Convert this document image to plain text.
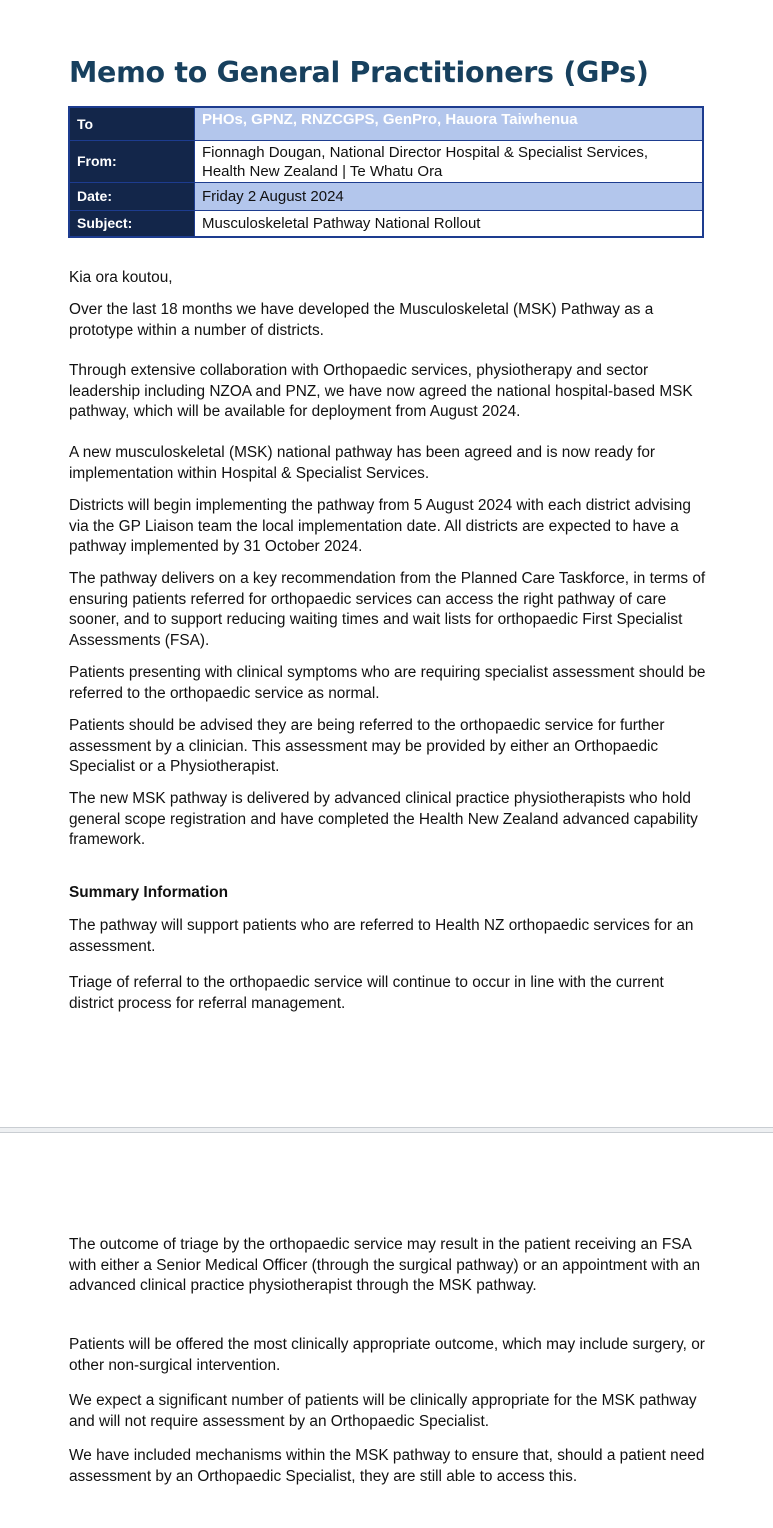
Memo to General Practitioners (GPs)
To	PHOs, GPNZ, RNZCGPS, GenPro, Hauora Taiwhenua
From:	Fionnagh Dougan, National Director Hospital & Specialist Services,
Health New Zealand | Te Whatu Ora

Date:	Friday 2 August 2024
Subject:	Musculoskeletal Pathway National Rollout

Kia ora koutou,

Over the last 18 months we have developed the Musculoskeletal (MSK) Pathway as a prototype within a number of districts.

Through extensive collaboration with Orthopaedic services, physiotherapy and sector leadership including NZOA and PNZ, we have now agreed the national hospital-based MSK pathway, which will be available for deployment from August 2024.

A new musculoskeletal (MSK) national pathway has been agreed and is now ready for implementation within Hospital & Specialist Services.

Districts will begin implementing the pathway from 5 August 2024 with each district advising via the GP Liaison team the local implementation date. All districts are expected to have a pathway implemented by 31 October 2024.

The pathway delivers on a key recommendation from the Planned Care Taskforce, in terms of ensuring patients referred for orthopaedic services can access the right pathway of care sooner, and to support reducing waiting times and wait lists for orthopaedic First Specialist Assessments (FSA).

Patients presenting with clinical symptoms who are requiring specialist assessment should be referred to the orthopaedic service as normal.

Patients should be advised they are being referred to the orthopaedic service for further assessment by a clinician. This assessment may be provided by either an Orthopaedic Specialist or a Physiotherapist.

The new MSK pathway is delivered by advanced clinical practice physiotherapists who hold general scope registration and have completed the Health New Zealand advanced capability framework.

Summary Information

The pathway will support patients who are referred to Health NZ orthopaedic services for an assessment.

Triage of referral to the orthopaedic service will continue to occur in line with the current district process for referral management.

The outcome of triage by the orthopaedic service may result in the patient receiving an FSA with either a Senior Medical Officer (through the surgical pathway) or an appointment with an advanced clinical practice physiotherapist through the MSK pathway.

Patients will be offered the most clinically appropriate outcome, which may include surgery, or other non-surgical intervention.

We expect a significant number of patients will be clinically appropriate for the MSK pathway and will not require assessment by an Orthopaedic Specialist.

We have included mechanisms within the MSK pathway to ensure that, should a patient need assessment by an Orthopaedic Specialist, they are still able to access this.
